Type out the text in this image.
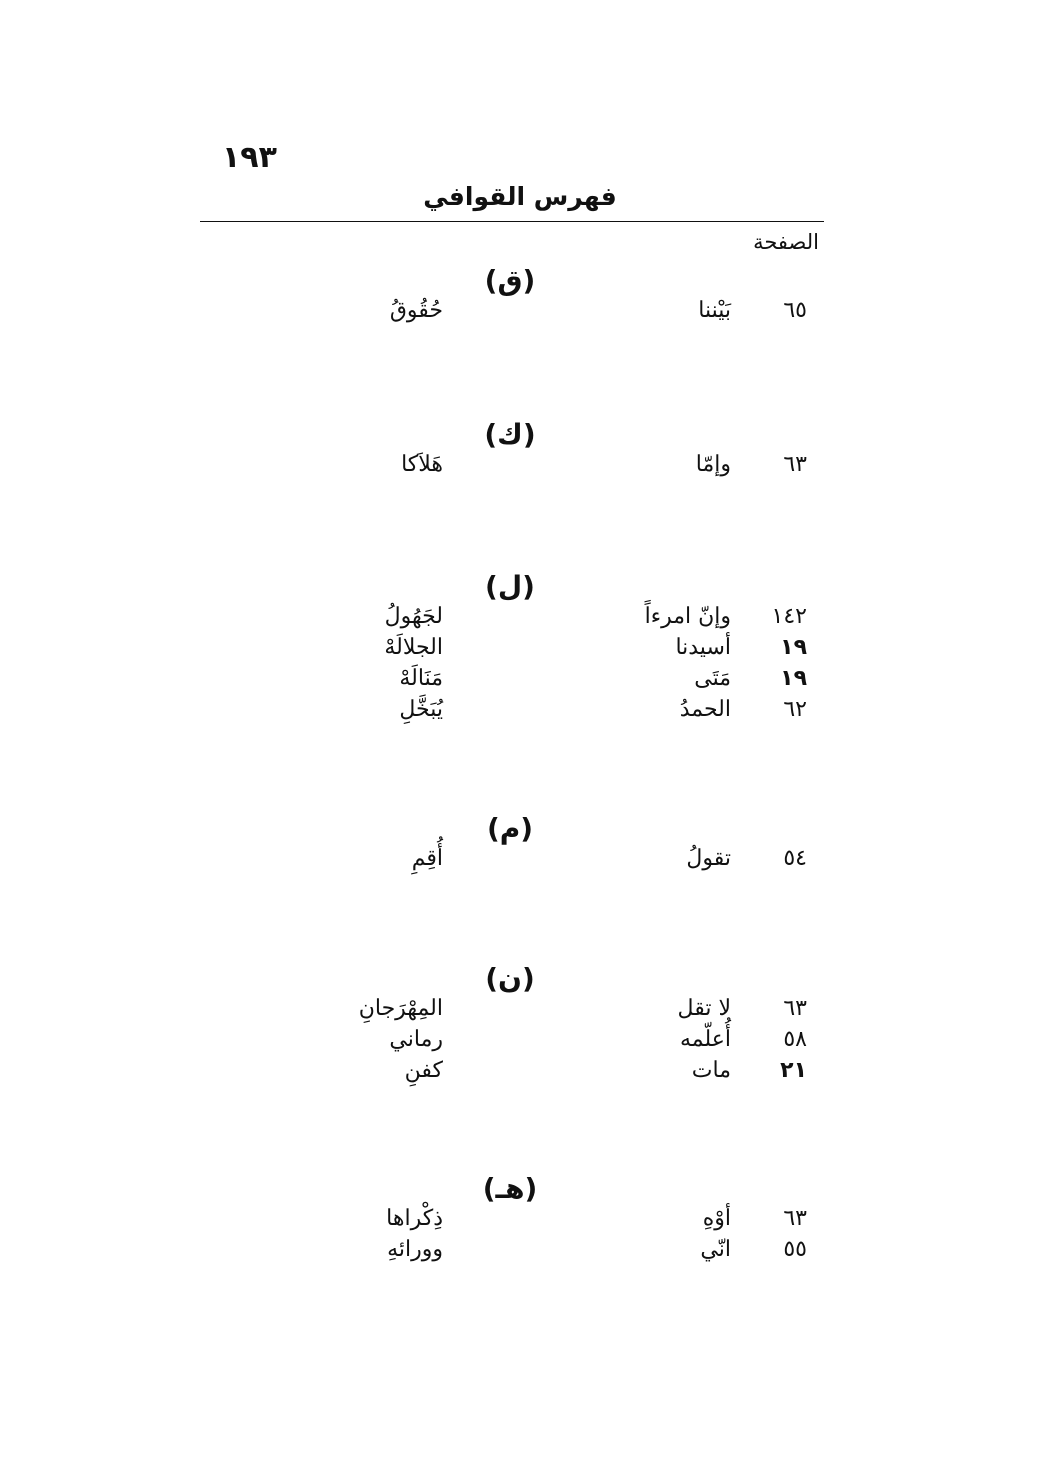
١٩٣
فهرس القوافي
الصفحة
(ق)
٦٥
بَيْننا
حُقُوقُ
(ك)
٦٣
وإمّا
هَلاَكا
(ل)
١٤٢
وإنّ امرءاً
لجَهُولُ
١٩
أسيدنا
الجلالَهْ
١٩
مَتَى
مَنَالَهْ
٦٢
الحمدُ
يُبَخَّلِ
(م)
٥٤
تقولُ
أُقِمِ
(ن)
٦٣
لا تقل
المِهْرَجانِ
٥٨
أُعلّمه
رماني
٢١
مات
كفنِ
(هـ)
٦٣
أوْهِ
ذِكْراها
٥٥
انّي
وورائهِ
